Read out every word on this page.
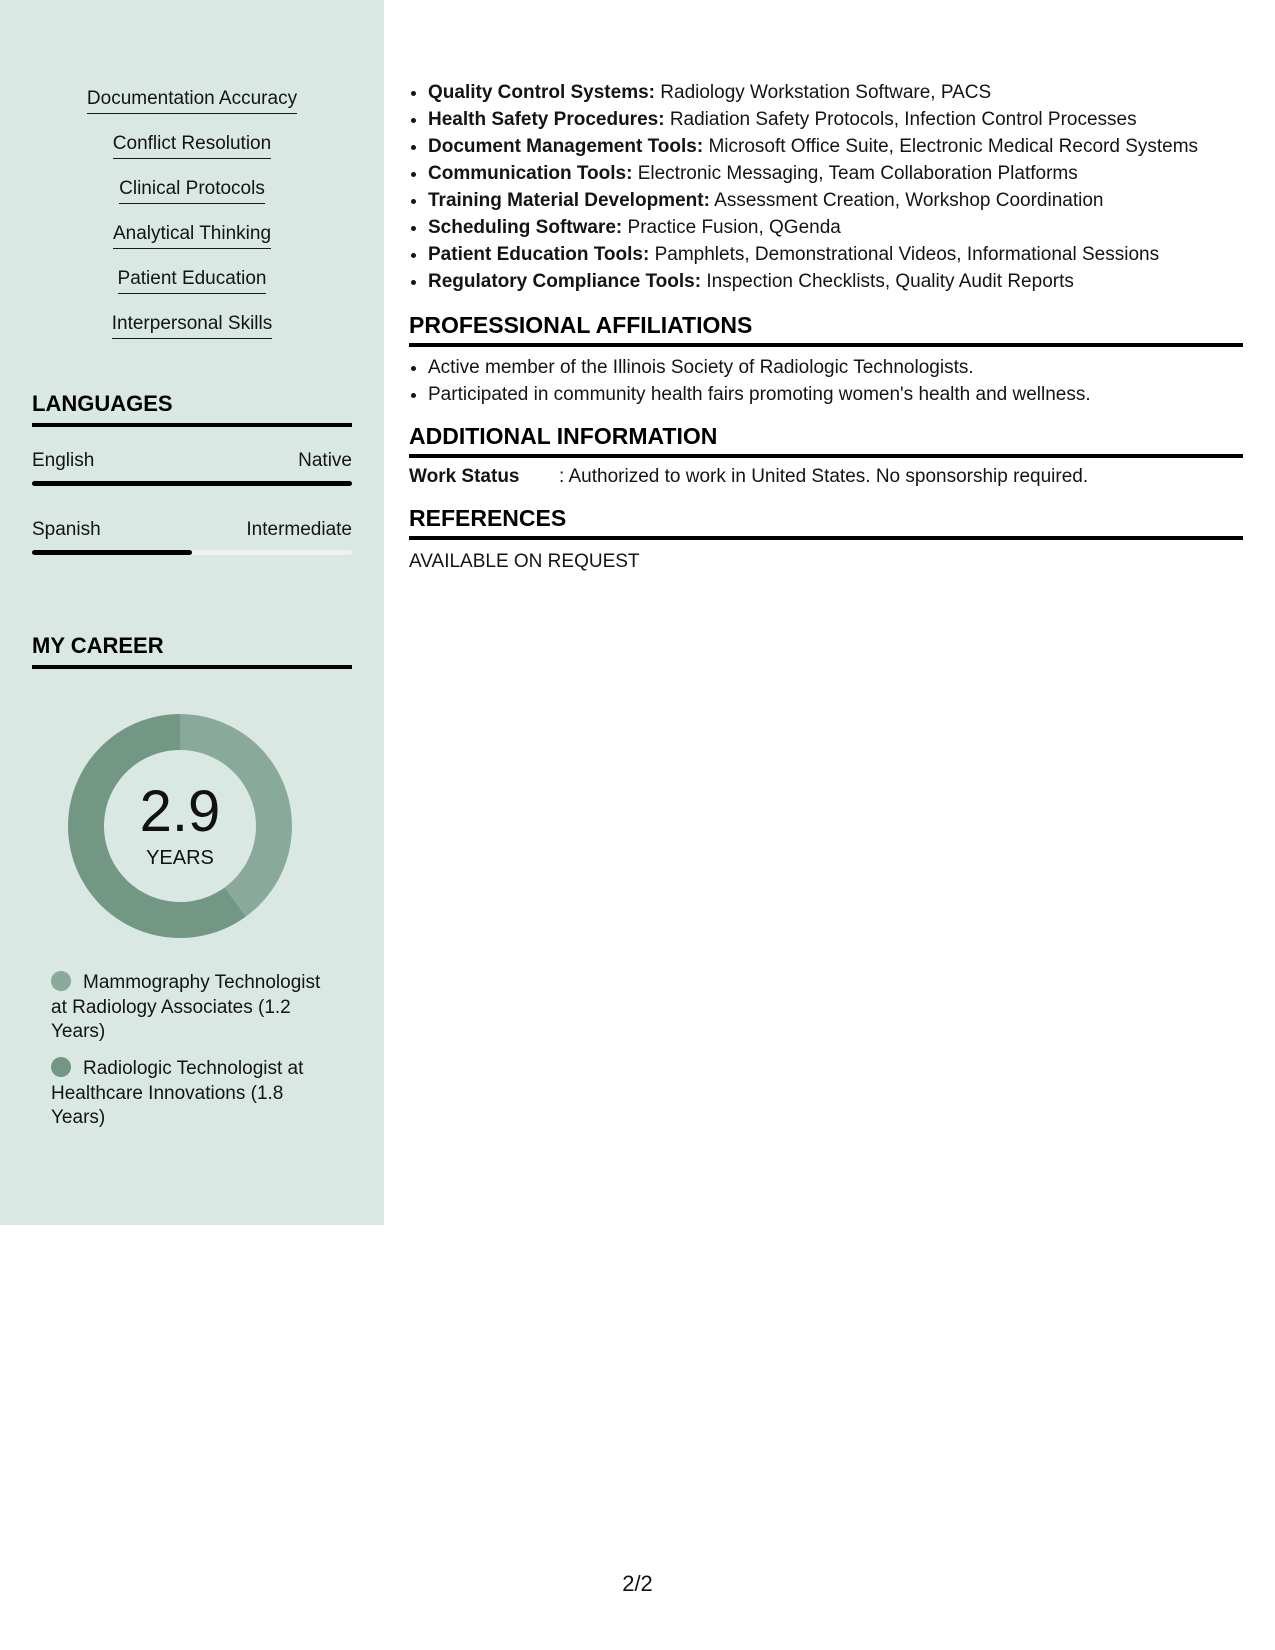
Documentation Accuracy
Conflict Resolution
Clinical Protocols
Analytical Thinking
Patient Education
Interpersonal Skills
LANGUAGES
English	Native
Spanish	Intermediate
MY CAREER
2.9
YEARS
Mammography Technologist at Radiology Associates (1.2 Years)
Radiologic Technologist at Healthcare Innovations (1.8 Years)
• Quality Control Systems: Radiology Workstation Software, PACS
• Health Safety Procedures: Radiation Safety Protocols, Infection Control Processes
• Document Management Tools: Microsoft Office Suite, Electronic Medical Record Systems
• Communication Tools: Electronic Messaging, Team Collaboration Platforms
• Training Material Development: Assessment Creation, Workshop Coordination
• Scheduling Software: Practice Fusion, QGenda
• Patient Education Tools: Pamphlets, Demonstrational Videos, Informational Sessions
• Regulatory Compliance Tools: Inspection Checklists, Quality Audit Reports
PROFESSIONAL AFFILIATIONS
• Active member of the Illinois Society of Radiologic Technologists.
• Participated in community health fairs promoting women's health and wellness.
ADDITIONAL INFORMATION
Work Status : Authorized to work in United States. No sponsorship required.
REFERENCES
AVAILABLE ON REQUEST
2/2
